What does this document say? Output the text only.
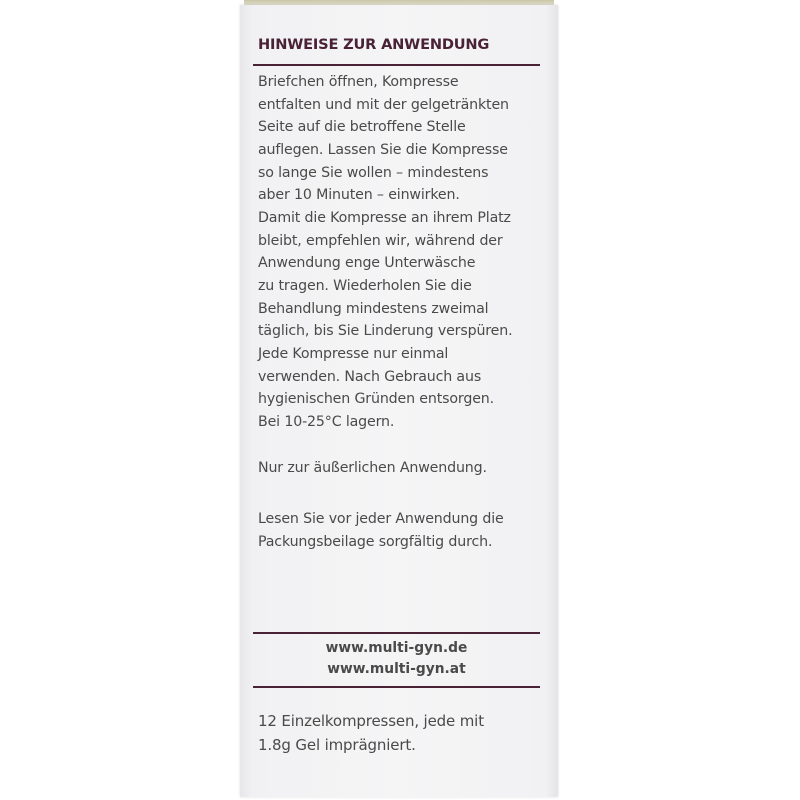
HINWEISE ZUR ANWENDUNG

Briefchen öffnen, Kompresse
entfalten und mit der gelgetränkten
Seite auf die betroffene Stelle
auflegen. Lassen Sie die Kompresse
so lange Sie wollen – mindestens
aber 10 Minuten – einwirken.
Damit die Kompresse an ihrem Platz
bleibt, empfehlen wir, während der
Anwendung enge Unterwäsche
zu tragen. Wiederholen Sie die
Behandlung mindestens zweimal
täglich, bis Sie Linderung verspüren.
Jede Kompresse nur einmal
verwenden. Nach Gebrauch aus
hygienischen Gründen entsorgen.
Bei 10-25°C lagern.

Nur zur äußerlichen Anwendung.

Lesen Sie vor jeder Anwendung die
Packungsbeilage sorgfältig durch.

www.multi-gyn.de

www.multi-gyn.at

12 Einzelkompressen, jede mit
1.8g Gel imprägniert.
